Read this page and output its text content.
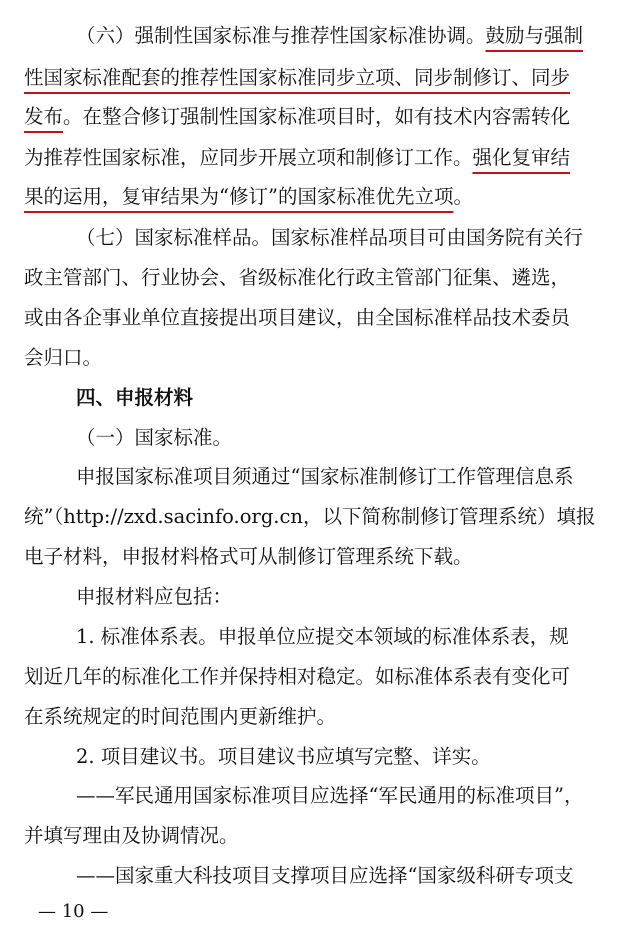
（六）强制性国家标准与推荐性国家标准协调。鼓励与强制
性国家标准配套的推荐性国家标准同步立项、同步制修订、同步
发布。在整合修订强制性国家标准项目时，如有技术内容需转化
为推荐性国家标准，应同步开展立项和制修订工作。强化复审结
果的运用，复审结果为“修订”的国家标准优先立项。
（七）国家标准样品。国家标准样品项目可由国务院有关行
政主管部门、行业协会、省级标准化行政主管部门征集、遴选，
或由各企事业单位直接提出项目建议，由全国标准样品技术委员
会归口。
四、申报材料
（一）国家标准。
申报国家标准项目须通过“国家标准制修订工作管理信息系
统”（http://zxd.sacinfo.org.cn，以下简称制修订管理系统）填报
电子材料，申报材料格式可从制修订管理系统下载。
申报材料应包括：
1. 标准体系表。申报单位应提交本领域的标准体系表，规
划近几年的标准化工作并保持相对稳定。如标准体系表有变化可
在系统规定的时间范围内更新维护。
2. 项目建议书。项目建议书应填写完整、详实。
——军民通用国家标准项目应选择“军民通用的标准项目”，
并填写理由及协调情况。
——国家重大科技项目支撑项目应选择“国家级科研专项支
— 10 —
